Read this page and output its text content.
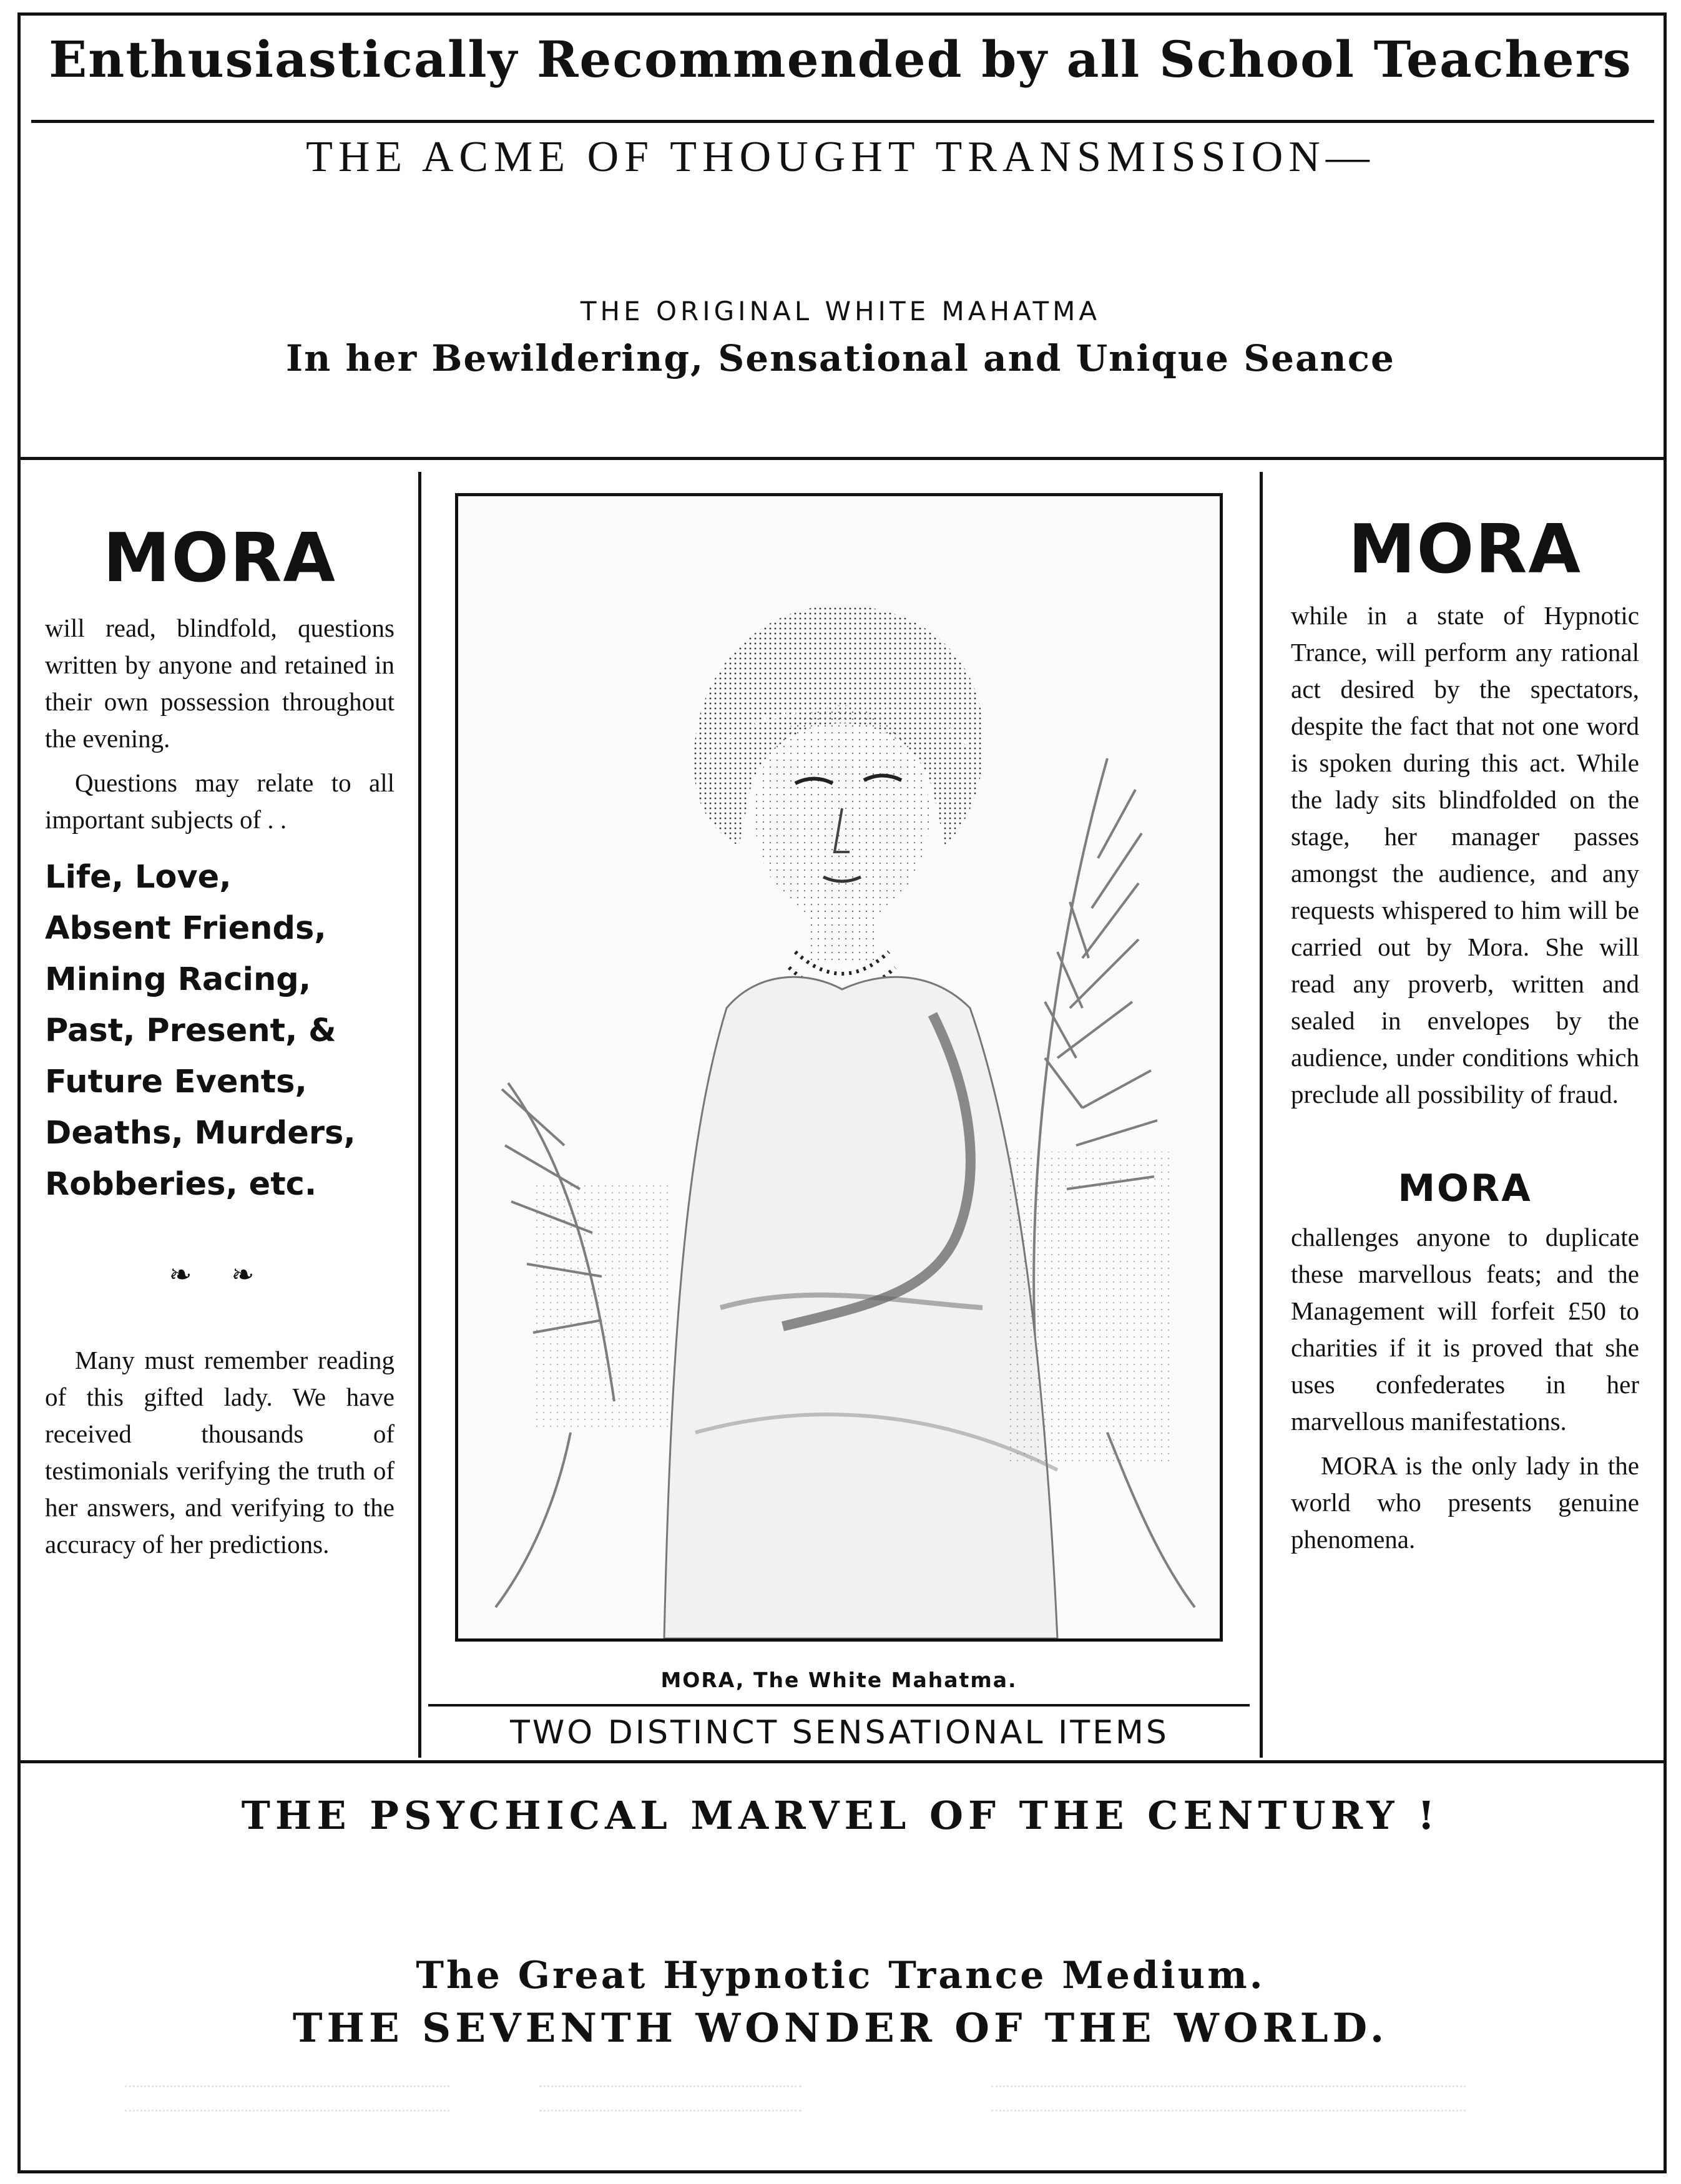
Enthusiastically Recommended by all School Teachers
THE ACME OF THOUGHT TRANSMISSION—
THE ORIGINAL WHITE MAHATMA
In her Bewildering, Sensational and Unique Seance
MORA
will read, blindfold, questions written by anyone and retained in their own possession throughout the evening.
Questions may relate to all important subjects of . .
Life, Love,
Absent Friends,
Mining Racing,
Past, Present, &
Future Events,
Deaths, Murders,
Robberies, etc.
❧ ❧
Many must remember reading of this gifted lady. We have received thousands of testimonials verifying the truth of her answers, and verifying to the accuracy of her predictions.
MORA, The White Mahatma.
TWO DISTINCT SENSATIONAL ITEMS
MORA
while in a state of Hypnotic Trance, will perform any rational act desired by the spectators, despite the fact that not one word is spoken during this act. While the lady sits blindfolded on the stage, her manager passes amongst the audience, and any requests whispered to him will be carried out by Mora. She will read any proverb, written and sealed in envelopes by the audience, under conditions which preclude all possibility of fraud.
MORA
challenges anyone to duplicate these marvellous feats; and the Management will forfeit £50 to charities if it is proved that she uses confederates in her marvellous manifestations.
MORA is the only lady in the world who presents genuine phenomena.
THE PSYCHICAL MARVEL OF THE CENTURY !
The Great Hypnotic Trance Medium.
THE SEVENTH WONDER OF THE WORLD.
